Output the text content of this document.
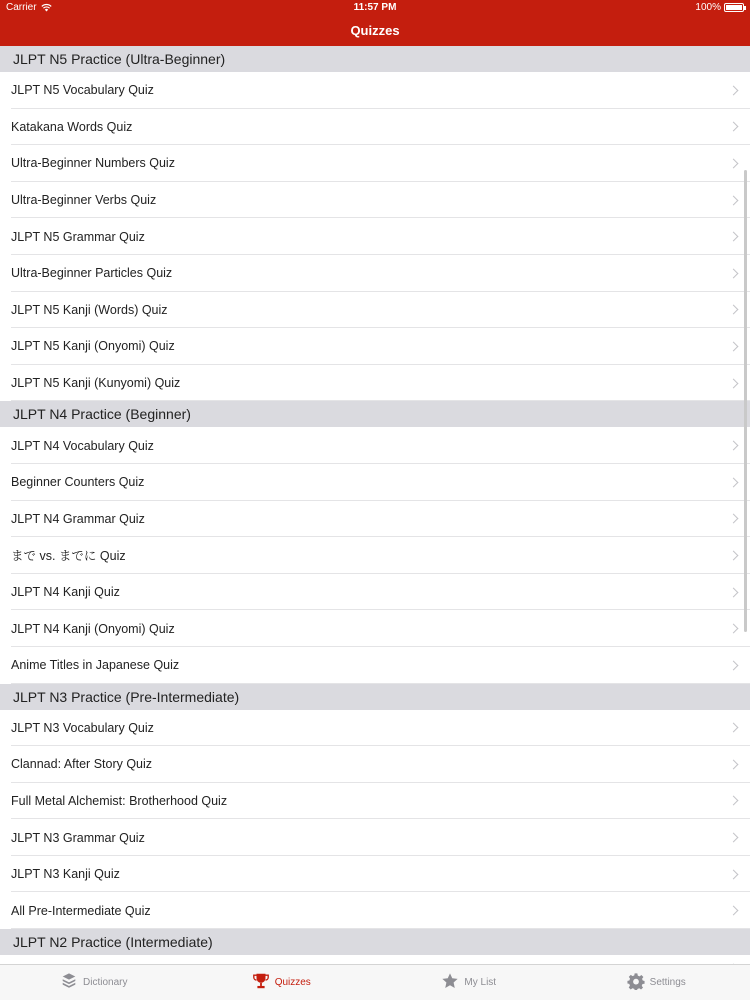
Carrier	11:57 PM	100%
Quizzes
JLPT N5 Practice (Ultra-Beginner)
JLPT N5 Vocabulary Quiz
Katakana Words Quiz
Ultra-Beginner Numbers Quiz
Ultra-Beginner Verbs Quiz
JLPT N5 Grammar Quiz
Ultra-Beginner Particles Quiz
JLPT N5 Kanji (Words) Quiz
JLPT N5 Kanji (Onyomi) Quiz
JLPT N5 Kanji (Kunyomi) Quiz
JLPT N4 Practice (Beginner)
JLPT N4 Vocabulary Quiz
Beginner Counters Quiz
JLPT N4 Grammar Quiz
まで vs. までに Quiz
JLPT N4 Kanji Quiz
JLPT N4 Kanji (Onyomi) Quiz
Anime Titles in Japanese Quiz
JLPT N3 Practice (Pre-Intermediate)
JLPT N3 Vocabulary Quiz
Clannad: After Story Quiz
Full Metal Alchemist: Brotherhood Quiz
JLPT N3 Grammar Quiz
JLPT N3 Kanji Quiz
All Pre-Intermediate Quiz
JLPT N2 Practice (Intermediate)
Dictionary	Quizzes	My List	Settings
